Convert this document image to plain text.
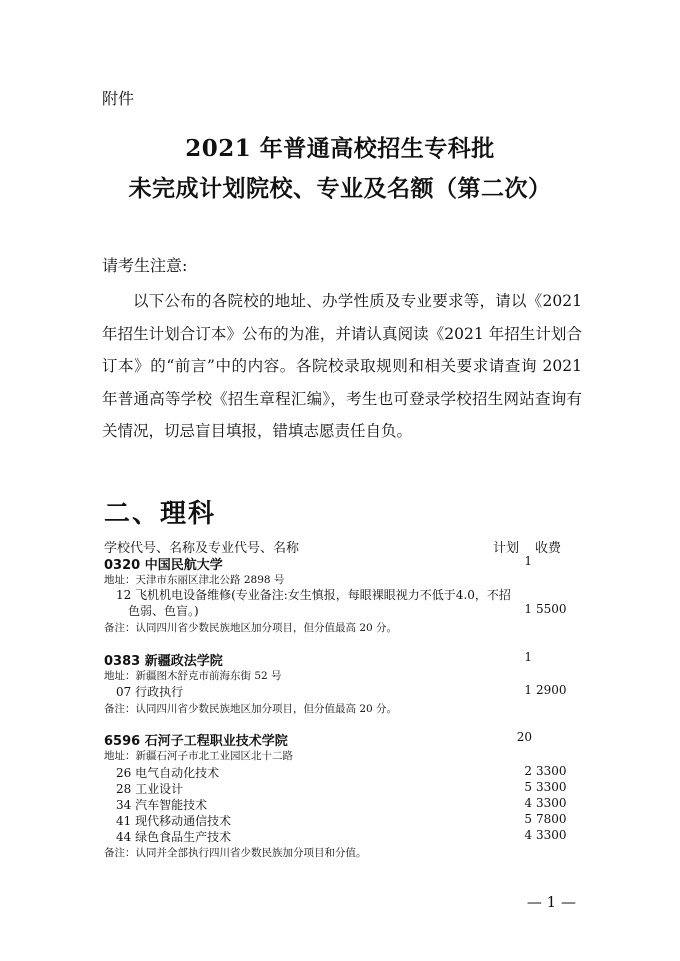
附件
2021 年普通高校招生专科批
未完成计划院校、专业及名额（第二次）
请考生注意:
以下公布的各院校的地址、办学性质及专业要求等，请以《2021 年招生计划合订本》公布的为准，并请认真阅读《2021 年招生计划合订本》的“前言”中的内容。各院校录取规则和相关要求请查询 2021 年普通高等学校《招生章程汇编》，考生也可登录学校招生网站查询有关情况，切忌盲目填报，错填志愿责任自负。
二、理科
学校代号、名称及专业代号、名称	计划 收费
0320 中国民航大学	1
地址：天津市东丽区津北公路 2898 号
12 飞机机电设备维修(专业备注:女生慎报，每眼裸眼视力不低于4.0，不招
色弱、色盲。)	1 5500
备注：认同四川省少数民族地区加分项目，但分值最高 20 分。
0383 新疆政法学院	1
地址：新疆图木舒克市前海东街 52 号
07 行政执行	1 2900
备注：认同四川省少数民族地区加分项目，但分值最高 20 分。
6596 石河子工程职业技术学院	20
地址：新疆石河子市北工业园区北十二路
26 电气自动化技术	2 3300
28 工业设计	5 3300
34 汽车智能技术	4 3300
41 现代移动通信技术	5 7800
44 绿色食品生产技术	4 3300
备注：认同并全部执行四川省少数民族加分项目和分值。
— 1 —
